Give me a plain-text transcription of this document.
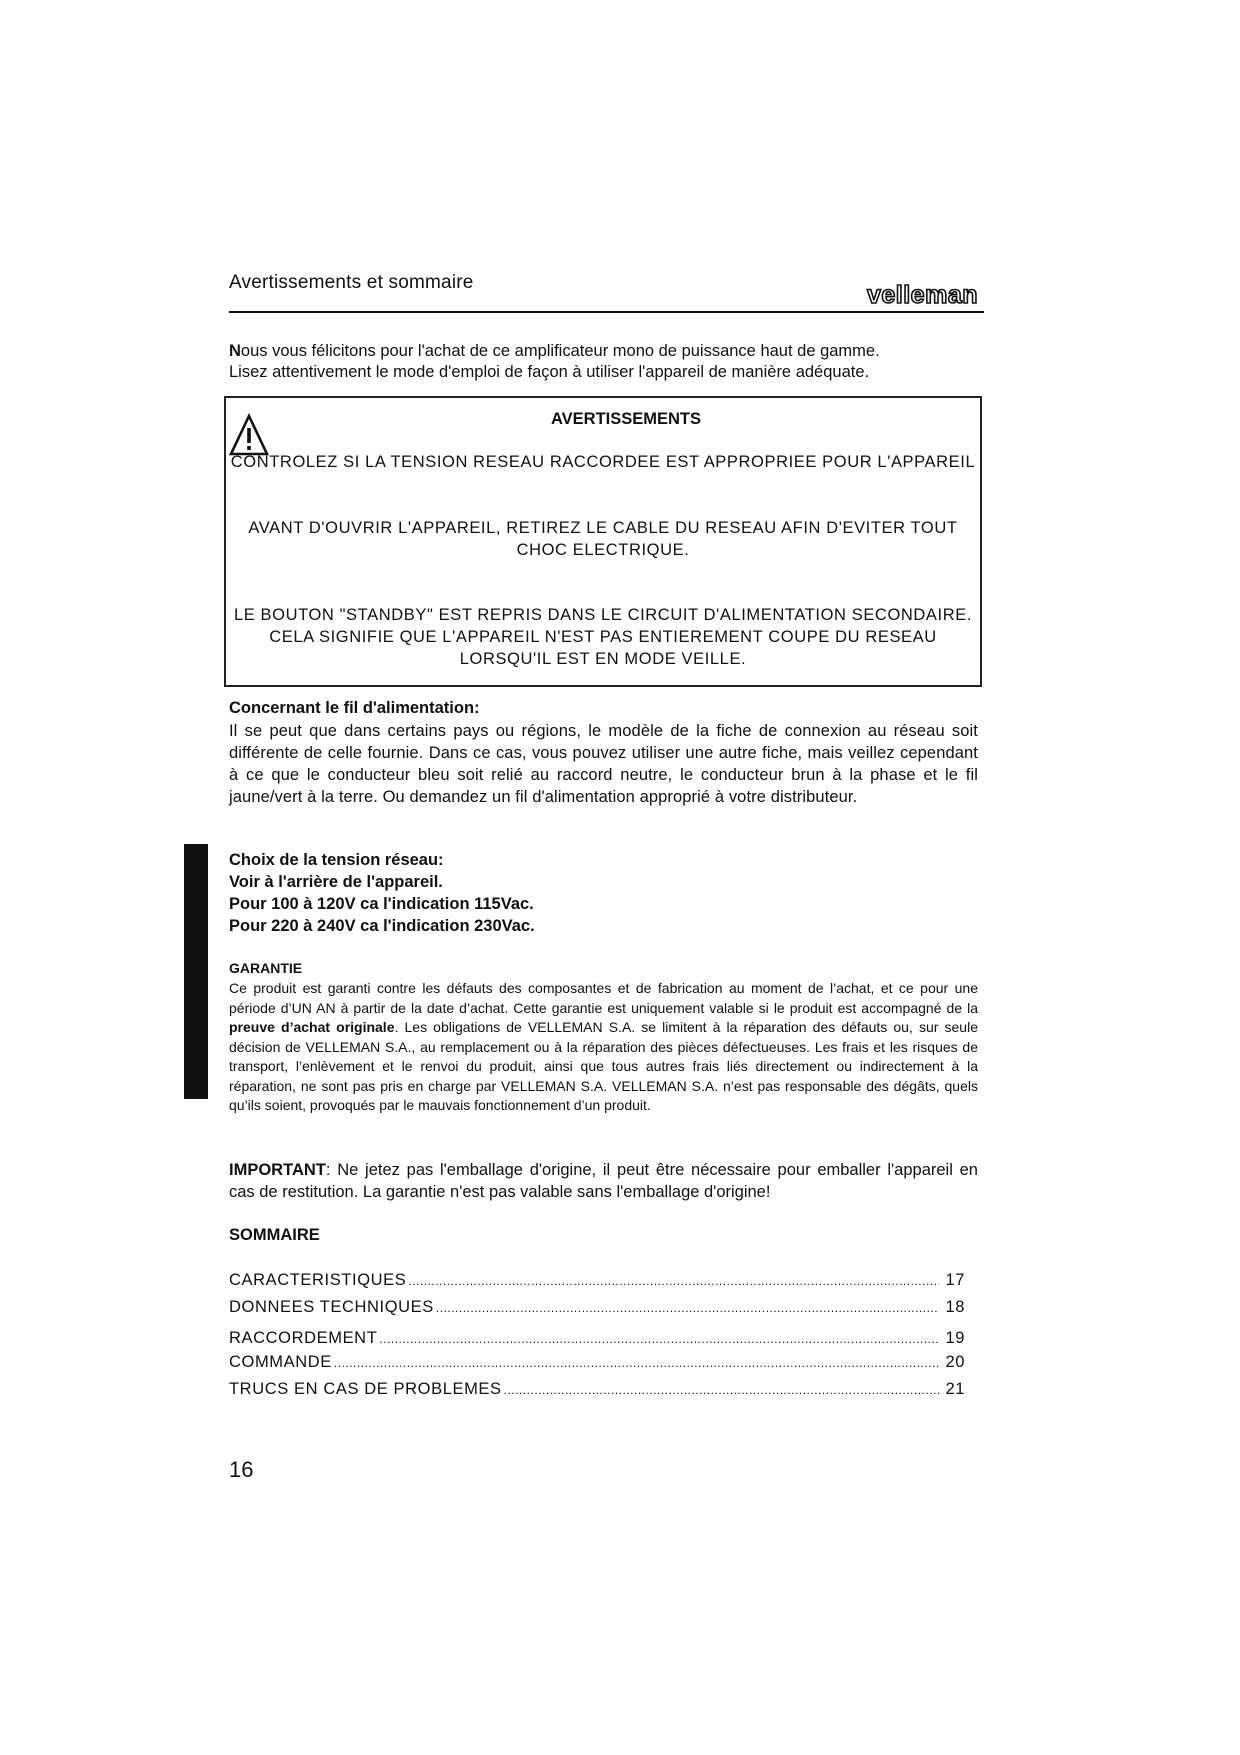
Avertissements et sommaire	velleman
Nous vous félicitons pour l'achat de ce amplificateur mono de puissance haut de gamme.
Lisez attentivement le mode d'emploi de façon à utiliser l'appareil de manière adéquate.
AVERTISSEMENTS
CONTROLEZ SI LA TENSION RESEAU RACCORDEE EST APPROPRIEE POUR L'APPAREIL
AVANT D'OUVRIR L'APPAREIL, RETIREZ LE CABLE DU RESEAU AFIN D'EVITER TOUT CHOC ELECTRIQUE.
LE BOUTON "STANDBY" EST REPRIS DANS LE CIRCUIT D'ALIMENTATION SECONDAIRE. CELA SIGNIFIE QUE L'APPAREIL N'EST PAS ENTIEREMENT COUPE DU RESEAU LORSQU'IL EST EN MODE VEILLE.
Concernant le fil d'alimentation:
Il se peut que dans certains pays ou régions, le modèle de la fiche de connexion au réseau soit différente de celle fournie. Dans ce cas, vous pouvez utiliser une autre fiche, mais veillez cependant à ce que le conducteur bleu soit relié au raccord neutre, le conducteur brun à la phase et le fil jaune/vert à la terre. Ou demandez un fil d'alimentation approprié à votre distributeur.
Choix de la tension réseau:
Voir à l'arrière de l'appareil.
Pour 100 à 120V ca l'indication 115Vac.
Pour 220 à 240V ca l'indication 230Vac.
GARANTIE
Ce produit est garanti contre les défauts des composantes et de fabrication au moment de l’achat, et ce pour une période d’UN AN à partir de la date d’achat. Cette garantie est uniquement valable si le produit est accompagné de la preuve d’achat originale. Les obligations de VELLEMAN S.A. se limitent à la réparation des défauts ou, sur seule décision de VELLEMAN S.A., au remplacement ou à la réparation des pièces défectueuses. Les frais et les risques de transport, l’enlèvement et le renvoi du produit, ainsi que tous autres frais liés directement ou indirectement à la réparation, ne sont pas pris en charge par VELLEMAN S.A. VELLEMAN S.A. n’est pas responsable des dégâts, quels qu’ils soient, provoqués par le mauvais fonctionnement d’un produit.
IMPORTANT: Ne jetez pas l'emballage d'origine, il peut être nécessaire pour emballer l'appareil en cas de restitution. La garantie n'est pas valable sans l'emballage d'origine!
SOMMAIRE
CARACTERISTIQUES .....	17
DONNEES TECHNIQUES .....	18
RACCORDEMENT .....	19
COMMANDE .....	20
TRUCS EN CAS DE PROBLEMES .....	21
16
